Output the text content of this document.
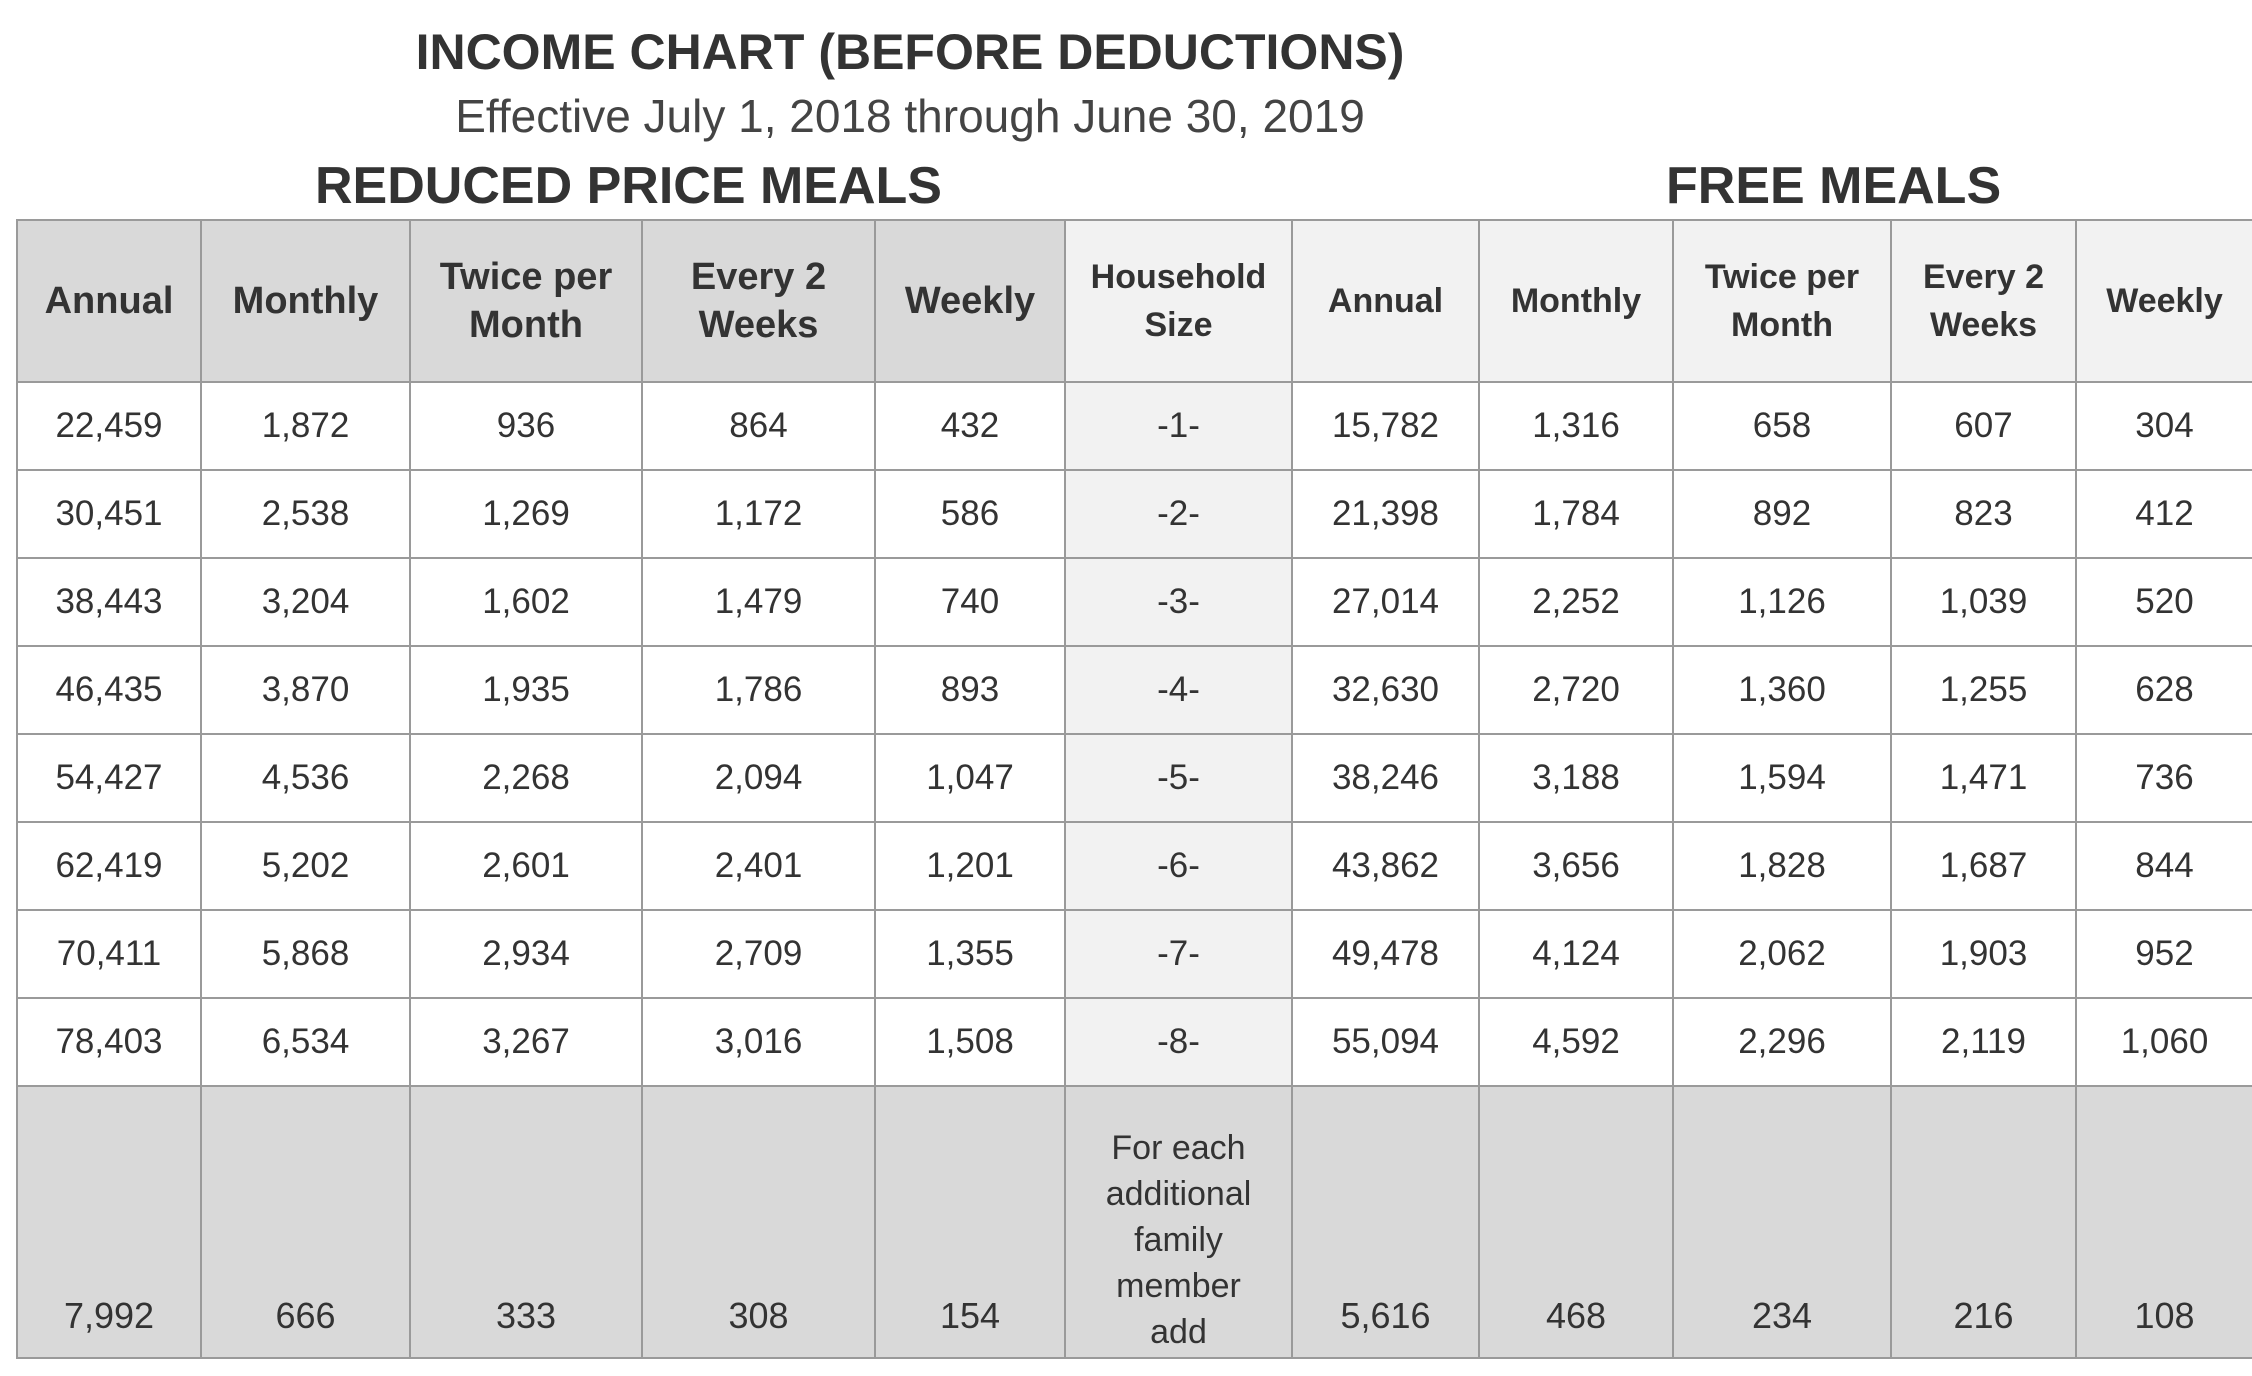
INCOME CHART (BEFORE DEDUCTIONS)

Effective July 1, 2018 through June 30, 2019

REDUCED PRICE MEALS	FREE MEALS
Annual	Monthly	Twice per Month	Every 2 Weeks	Weekly	Household Size	Annual	Monthly	Twice per Month	Every 2 Weeks	Weekly
22,459	1,872	936	864	432	-1-	15,782	1,316	658	607	304
30,451	2,538	1,269	1,172	586	-2-	21,398	1,784	892	823	412
38,443	3,204	1,602	1,479	740	-3-	27,014	2,252	1,126	1,039	520
46,435	3,870	1,935	1,786	893	-4-	32,630	2,720	1,360	1,255	628
54,427	4,536	2,268	2,094	1,047	-5-	38,246	3,188	1,594	1,471	736
62,419	5,202	2,601	2,401	1,201	-6-	43,862	3,656	1,828	1,687	844
70,411	5,868	2,934	2,709	1,355	-7-	49,478	4,124	2,062	1,903	952
78,403	6,534	3,267	3,016	1,508	-8-	55,094	4,592	2,296	2,119	1,060
7,992	666	333	308	154	For each additional family member add	5,616	468	234	216	108
